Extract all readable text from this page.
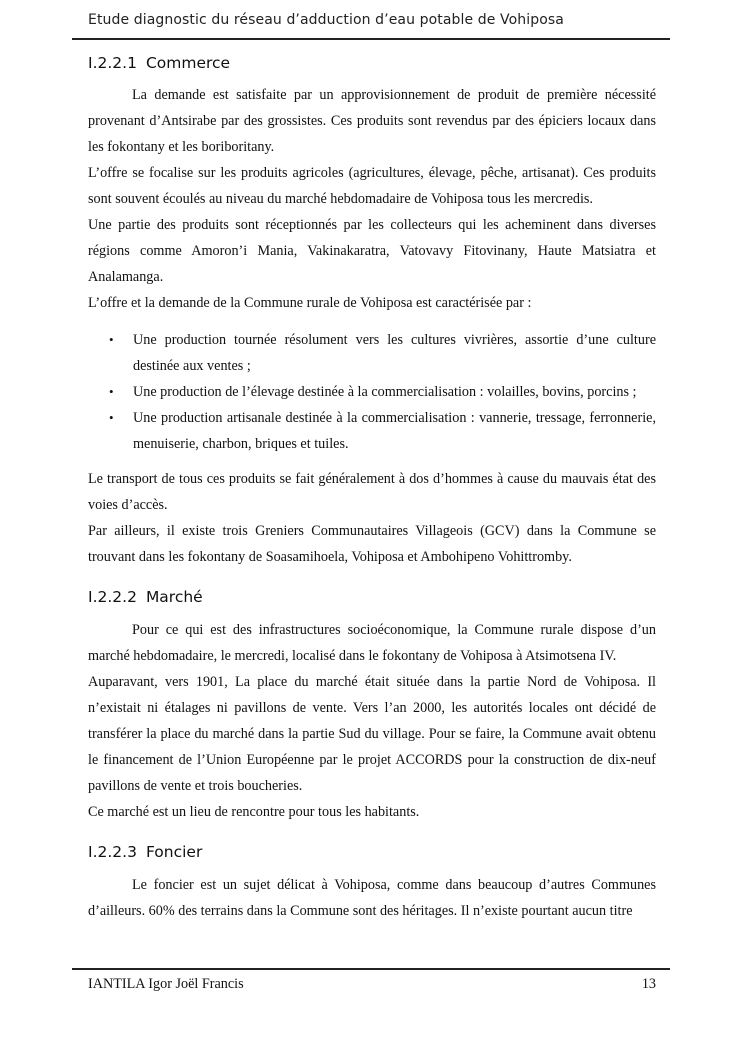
Etude diagnostic du réseau d’adduction d’eau potable de Vohiposa
I.2.2.1 Commerce

La demande est satisfaite par un approvisionnement de produit de première nécessité provenant d’Antsirabe par des grossistes. Ces produits sont revendus par des épiciers locaux dans les fokontany et les boriboritany.

L’offre se focalise sur les produits agricoles (agricultures, élevage, pêche, artisanat). Ces produits sont souvent écoulés au niveau du marché hebdomadaire de Vohiposa tous les mercredis.

Une partie des produits sont réceptionnés par les collecteurs qui les acheminent dans diverses régions comme Amoron’i Mania, Vakinakaratra, Vatovavy Fitovinany, Haute Matsiatra et Analamanga.

L’offre et la demande de la Commune rurale de Vohiposa est caractérisée par :

• Une production tournée résolument vers les cultures vivrières, assortie d’une culture destinée aux ventes ;
• Une production de l’élevage destinée à la commercialisation : volailles, bovins, porcins ;
• Une production artisanale destinée à la commercialisation : vannerie, tressage, ferronnerie, menuiserie, charbon, briques et tuiles.

Le transport de tous ces produits se fait généralement à dos d’hommes à cause du mauvais état des voies d’accès.

Par ailleurs, il existe trois Greniers Communautaires Villageois (GCV) dans la Commune se trouvant dans les fokontany de Soasamihoela, Vohiposa et Ambohipeno Vohittromby.

I.2.2.2 Marché

Pour ce qui est des infrastructures socioéconomique, la Commune rurale dispose d’un marché hebdomadaire, le mercredi, localisé dans le fokontany de Vohiposa à Atsimotsena IV.

Auparavant, vers 1901, La place du marché était située dans la partie Nord de Vohiposa. Il n’existait ni étalages ni pavillons de vente. Vers l’an 2000, les autorités locales ont décidé de transférer la place du marché dans la partie Sud du village. Pour se faire, la Commune avait obtenu le financement de l’Union Européenne par le projet ACCORDS pour la construction de dix-neuf pavillons de vente et trois boucheries.

Ce marché est un lieu de rencontre pour tous les habitants.

I.2.2.3 Foncier

Le foncier est un sujet délicat à Vohiposa, comme dans beaucoup d’autres Communes d’ailleurs. 60% des terrains dans la Commune sont des héritages. Il n’existe pourtant aucun titre

IANTILA Igor Joël Francis	13
